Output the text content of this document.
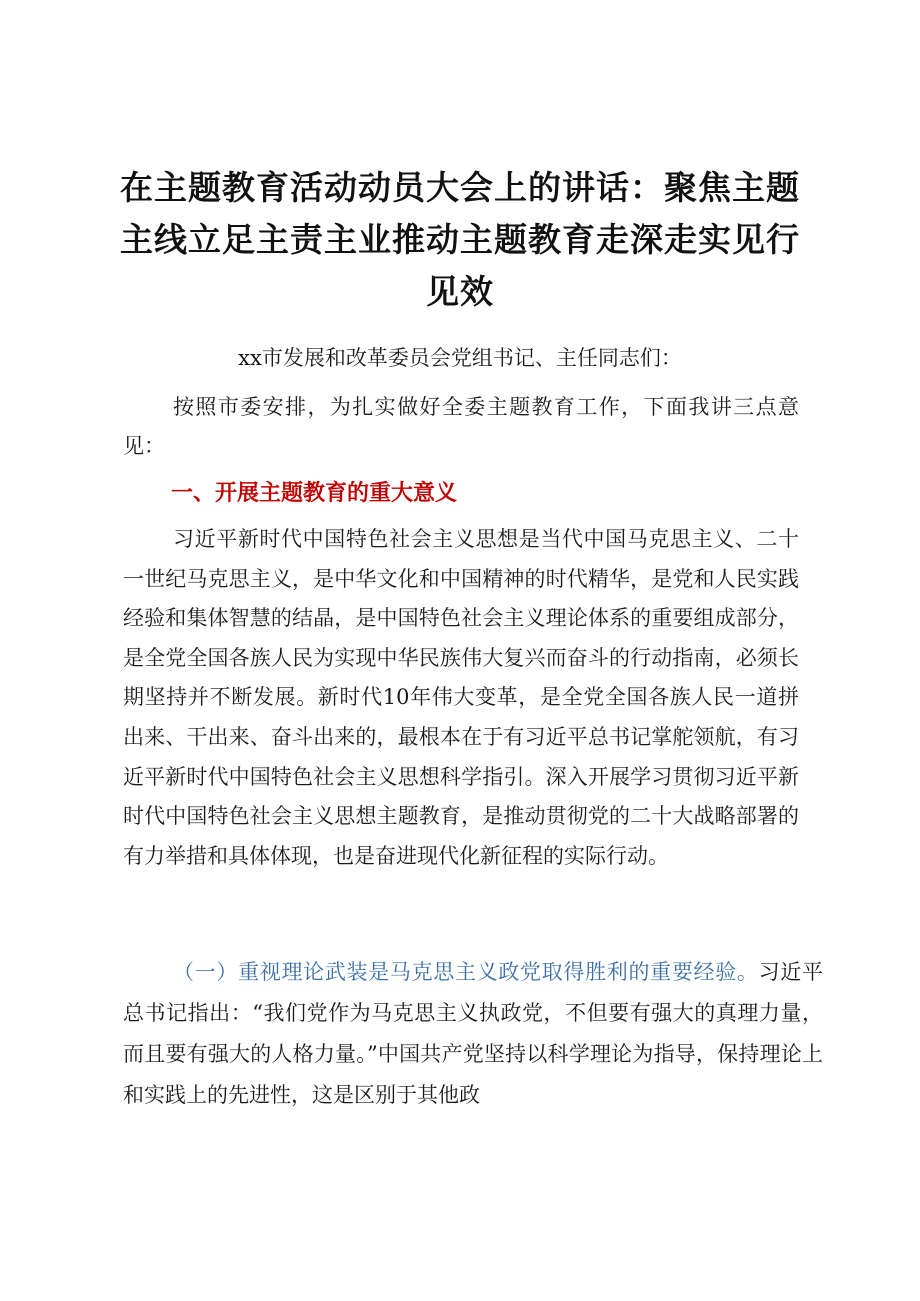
在主题教育活动动员大会上的讲话：聚焦主题主线立足主责主业推动主题教育走深走实见行见效

xx市发展和改革委员会党组书记、主任同志们：

按照市委安排，为扎实做好全委主题教育工作，下面我讲三点意见：

一、开展主题教育的重大意义

习近平新时代中国特色社会主义思想是当代中国马克思主义、二十一世纪马克思主义，是中华文化和中国精神的时代精华，是党和人民实践经验和集体智慧的结晶，是中国特色社会主义理论体系的重要组成部分，是全党全国各族人民为实现中华民族伟大复兴而奋斗的行动指南，必须长期坚持并不断发展。新时代10年伟大变革，是全党全国各族人民一道拼出来、干出来、奋斗出来的，最根本在于有习近平总书记掌舵领航，有习近平新时代中国特色社会主义思想科学指引。深入开展学习贯彻习近平新时代中国特色社会主义思想主题教育，是推动贯彻党的二十大战略部署的有力举措和具体体现，也是奋进现代化新征程的实际行动。

（一）重视理论武装是马克思主义政党取得胜利的重要经验。习近平总书记指出：“我们党作为马克思主义执政党，不但要有强大的真理力量，而且要有强大的人格力量。”中国共产党坚持以科学理论为指导，保持理论上和实践上的先进性，这是区别于其他政
